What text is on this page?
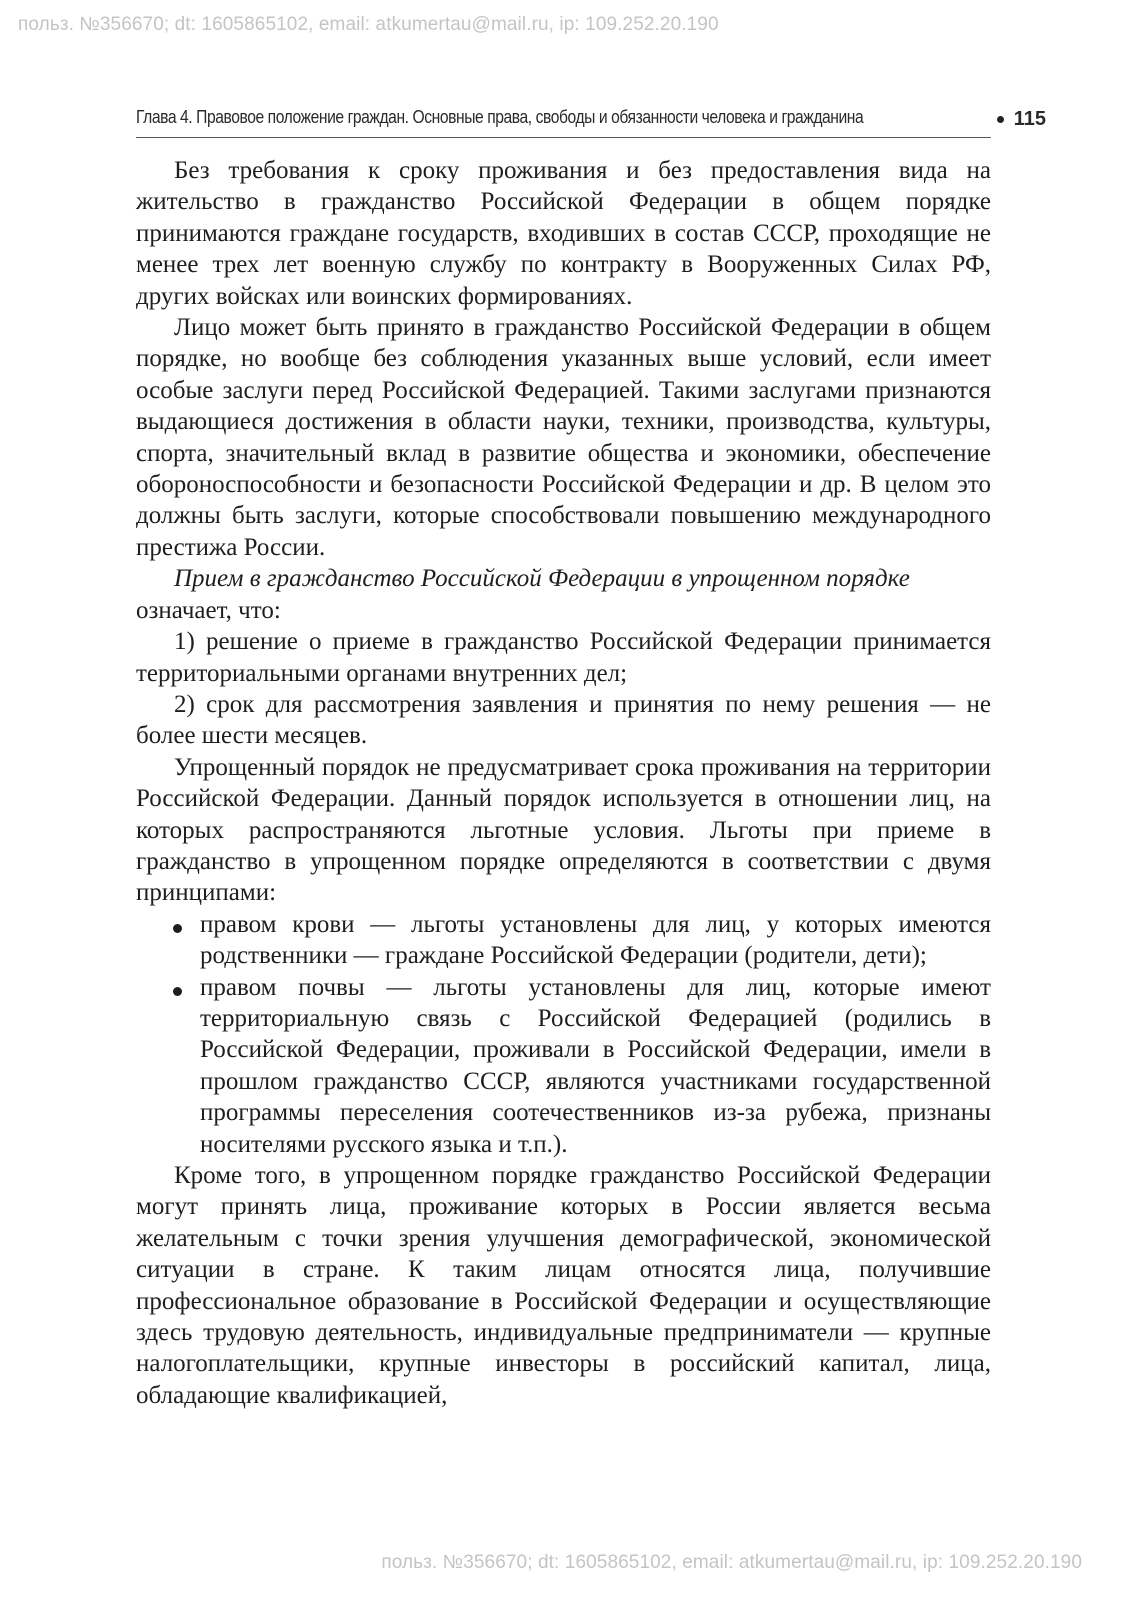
польз. №356670; dt: 1605865102, email: atkumertau@mail.ru, ip: 109.252.20.190
Глава 4. Правовое положение граждан. Основные права, свободы и обязанности человека и гражданина	115

Без требования к сроку проживания и без предоставления вида на жительство в гражданство Российской Федерации в общем порядке принимаются граждане государств, входивших в состав СССР, проходящие не менее трех лет военную службу по контракту в Вооруженных Силах РФ, других войсках или воинских формированиях.

Лицо может быть принято в гражданство Российской Федерации в общем порядке, но вообще без соблюдения указанных выше условий, если имеет особые заслуги перед Российской Федерацией. Такими заслугами признаются выдающиеся достижения в области науки, техники, производства, культуры, спорта, значительный вклад в развитие общества и экономики, обеспечение обороноспособности и безопасности Российской Федерации и др. В целом это должны быть заслуги, которые способствовали повышению международного престижа России.

Прием в гражданство Российской Федерации в упрощенном порядке

означает, что:

1) решение о приеме в гражданство Российской Федерации принимается территориальными органами внутренних дел;

2) срок для рассмотрения заявления и принятия по нему решения — не более шести месяцев.

Упрощенный порядок не предусматривает срока проживания на территории Российской Федерации. Данный порядок используется в отношении лиц, на которых распространяются льготные условия. Льготы при приеме в гражданство в упрощенном порядке определяются в соответствии с двумя принципами:

правом крови — льготы установлены для лиц, у которых имеются родственники — граждане Российской Федерации (родители, дети);
правом почвы — льготы установлены для лиц, которые имеют территориальную связь с Российской Федерацией (родились в Российской Федерации, проживали в Российской Федерации, имели в прошлом гражданство СССР, являются участниками государственной программы переселения соотечественников из-за рубежа, признаны носителями русского языка и т.п.).

Кроме того, в упрощенном порядке гражданство Российской Федерации могут принять лица, проживание которых в России является весьма желательным с точки зрения улучшения демографической, экономической ситуации в стране. К таким лицам относятся лица, получившие профессиональное образование в Российской Федерации и осуществляющие здесь трудовую деятельность, индивидуальные предприниматели — крупные налогоплательщики, крупные инвесторы в российский капитал, лица, обладающие квалификацией,

польз. №356670; dt: 1605865102, email: atkumertau@mail.ru, ip: 109.252.20.190
